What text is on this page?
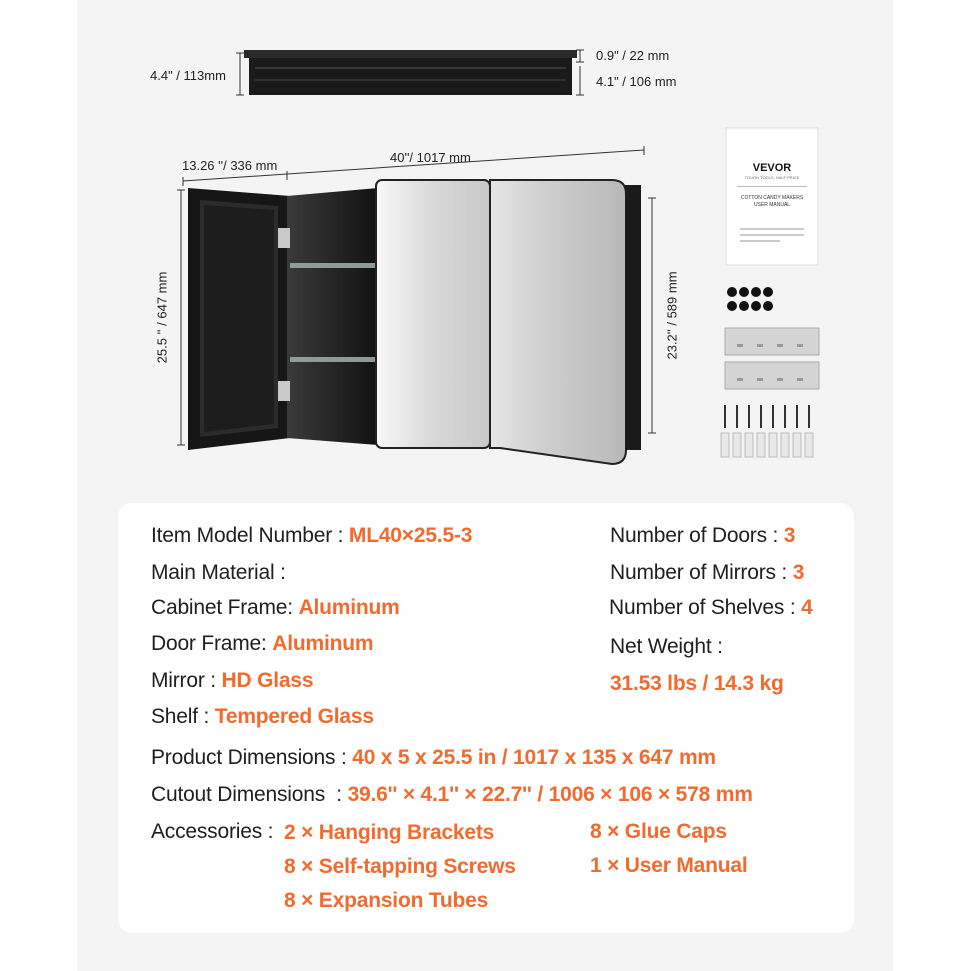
0.9" / 22 mm
4.4" / 113mm	4.1" / 106 mm
13.26 ''/ 336 mm
40''/ 1017 mm
25.5 '' / 647 mm	23.2'' / 589 mm
VEVOR
TOUGH TOOLS, HALF PRICE
COTTON CANDY MAKERS
USER MANUAL
Item Model Number : ML40×25.5-3
Main Material :
Cabinet Frame: Aluminum
Door Frame: Aluminum
Mirror : HD Glass
Shelf : Tempered Glass
Number of Doors : 3
Number of Mirrors : 3
Number of Shelves : 4
Net Weight :
31.53 lbs / 14.3 kg
Product Dimensions : 40 x 5 x 25.5 in / 1017 x 135 x 647 mm
Cutout Dimensions  : 39.6'' × 4.1'' × 22.7'' / 1006 × 106 × 578 mm
Accessories : 2 × Hanging Brackets
8 × Self-tapping Screws
8 × Expansion Tubes
8 × Glue Caps
1 × User Manual
